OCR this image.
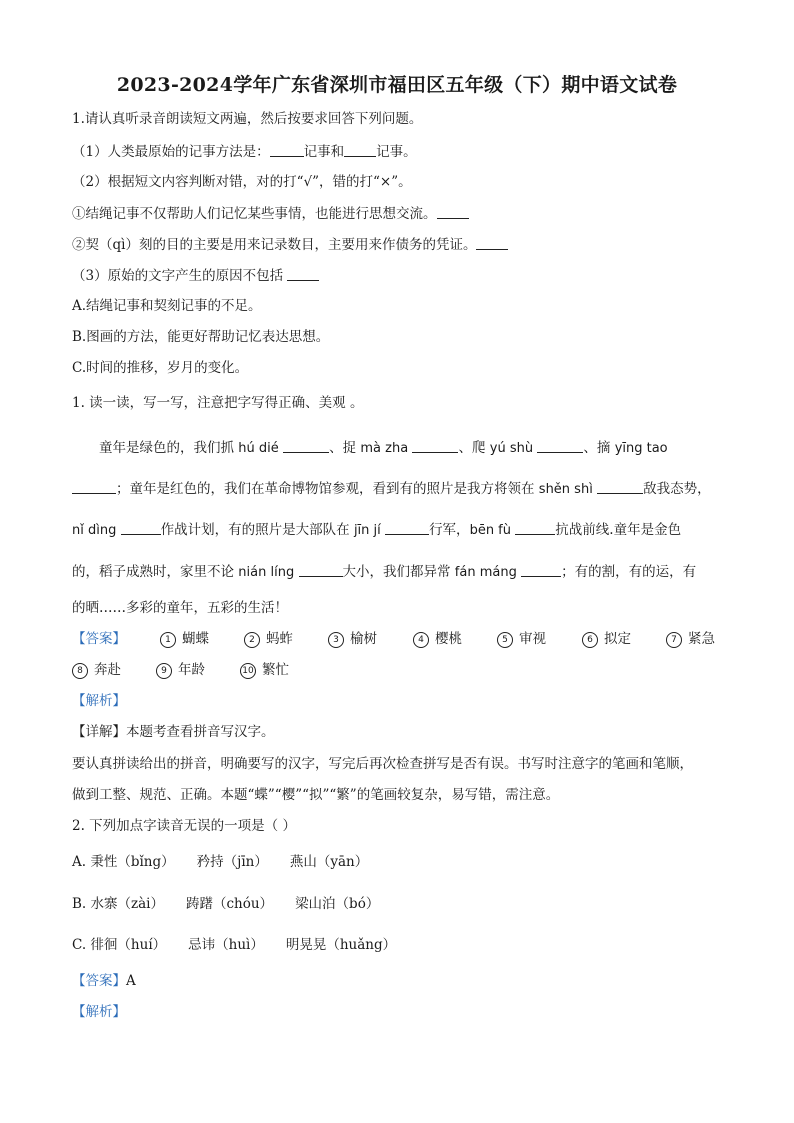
2023-2024学年广东省深圳市福田区五年级（下）期中语文试卷
1.请认真听录音朗读短文两遍，然后按要求回答下列问题。
（1）人类最原始的记事方法是：	记事和 记事。
（2）根据短文内容判断对错，对的打“√”，错的打“×”。
①结绳记事不仅帮助人们记忆某些事情，也能进行思想交流。
②契（qì）刻的目的主要是用来记录数目，主要用来作债务的凭证。
（3）原始的文字产生的原因不包括
A.结绳记事和契刻记事的不足。
B.图画的方法，能更好帮助记忆表达思想。
C.时间的推移，岁月的变化。
1. 读一读，写一写，注意把字写得正确、美观 。
童年是绿色的，我们抓 hú dié	、捉 mà zha	、爬 yú shù	、摘 yīng tao
；童年是红色的，我们在革命博物馆参观，看到有的照片是我方将领在 shěn shì	敌我态势，
nǐ dìng	作战计划，有的照片是大部队在 jīn jí	行军，bēn fù	抗战前线.童年是金色
的，稻子成熟时，家里不论 nián líng	大小，我们都异常 fán máng	；有的割，有的运，有
的晒……多彩的童年，五彩的生活！
【答案】	1 蝴蝶	2 蚂蚱	3 榆树	4 樱桃	5 审视	6 拟定	7 紧急
8 奔赴	9 年龄	10 繁忙
【解析】
【详解】本题考查看拼音写汉字。
要认真拼读给出的拼音，明确要写的汉字，写完后再次检查拼写是否有误。书写时注意字的笔画和笔顺，
做到工整、规范、正确。本题“蝶”“樱”“拟”“繁”的笔画较复杂，易写错，需注意。
2. 下列加点字读音无误的一项是（ ）
A. 秉性（bǐng） 矜持（jīn） 燕山（yān）
B. 水寨（zài） 踌躇（chóu） 梁山泊（bó）
C. 徘徊（huí） 忌讳（huì） 明晃晃（huǎng）
【答案】A
【解析】
